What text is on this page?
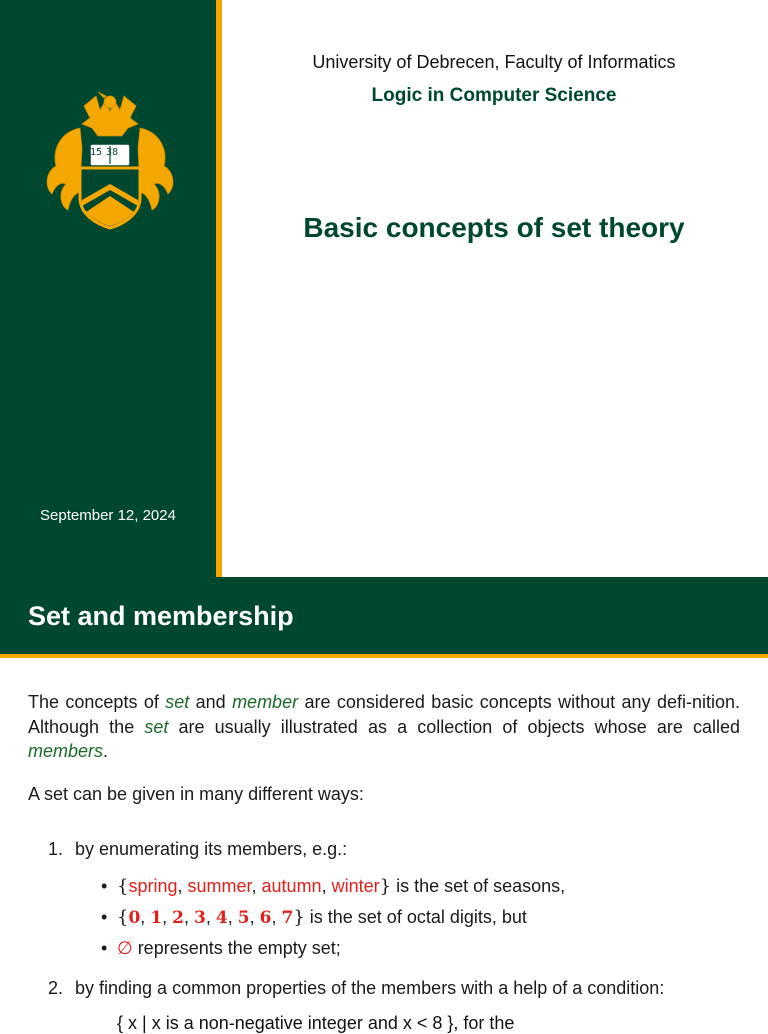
15 38
September 12, 2024
University of Debrecen, Faculty of Informatics
Logic in Computer Science
Basic concepts of set theory
Set and membership
The concepts of set and member are considered basic concepts without any defi-nition. Although the set are usually illustrated as a collection of objects whose are called members.
A set can be given in many different ways:
1. by enumerating its members, e.g.:
• {spring, summer, autumn, winter} is the set of seasons,
• {0, 1, 2, 3, 4, 5, 6, 7} is the set of octal digits, but
• ∅ represents the empty set;
2. by finding a common properties of the members with a help of a condition:
{ x | x is a non-negative integer and x < 8 }, for the
